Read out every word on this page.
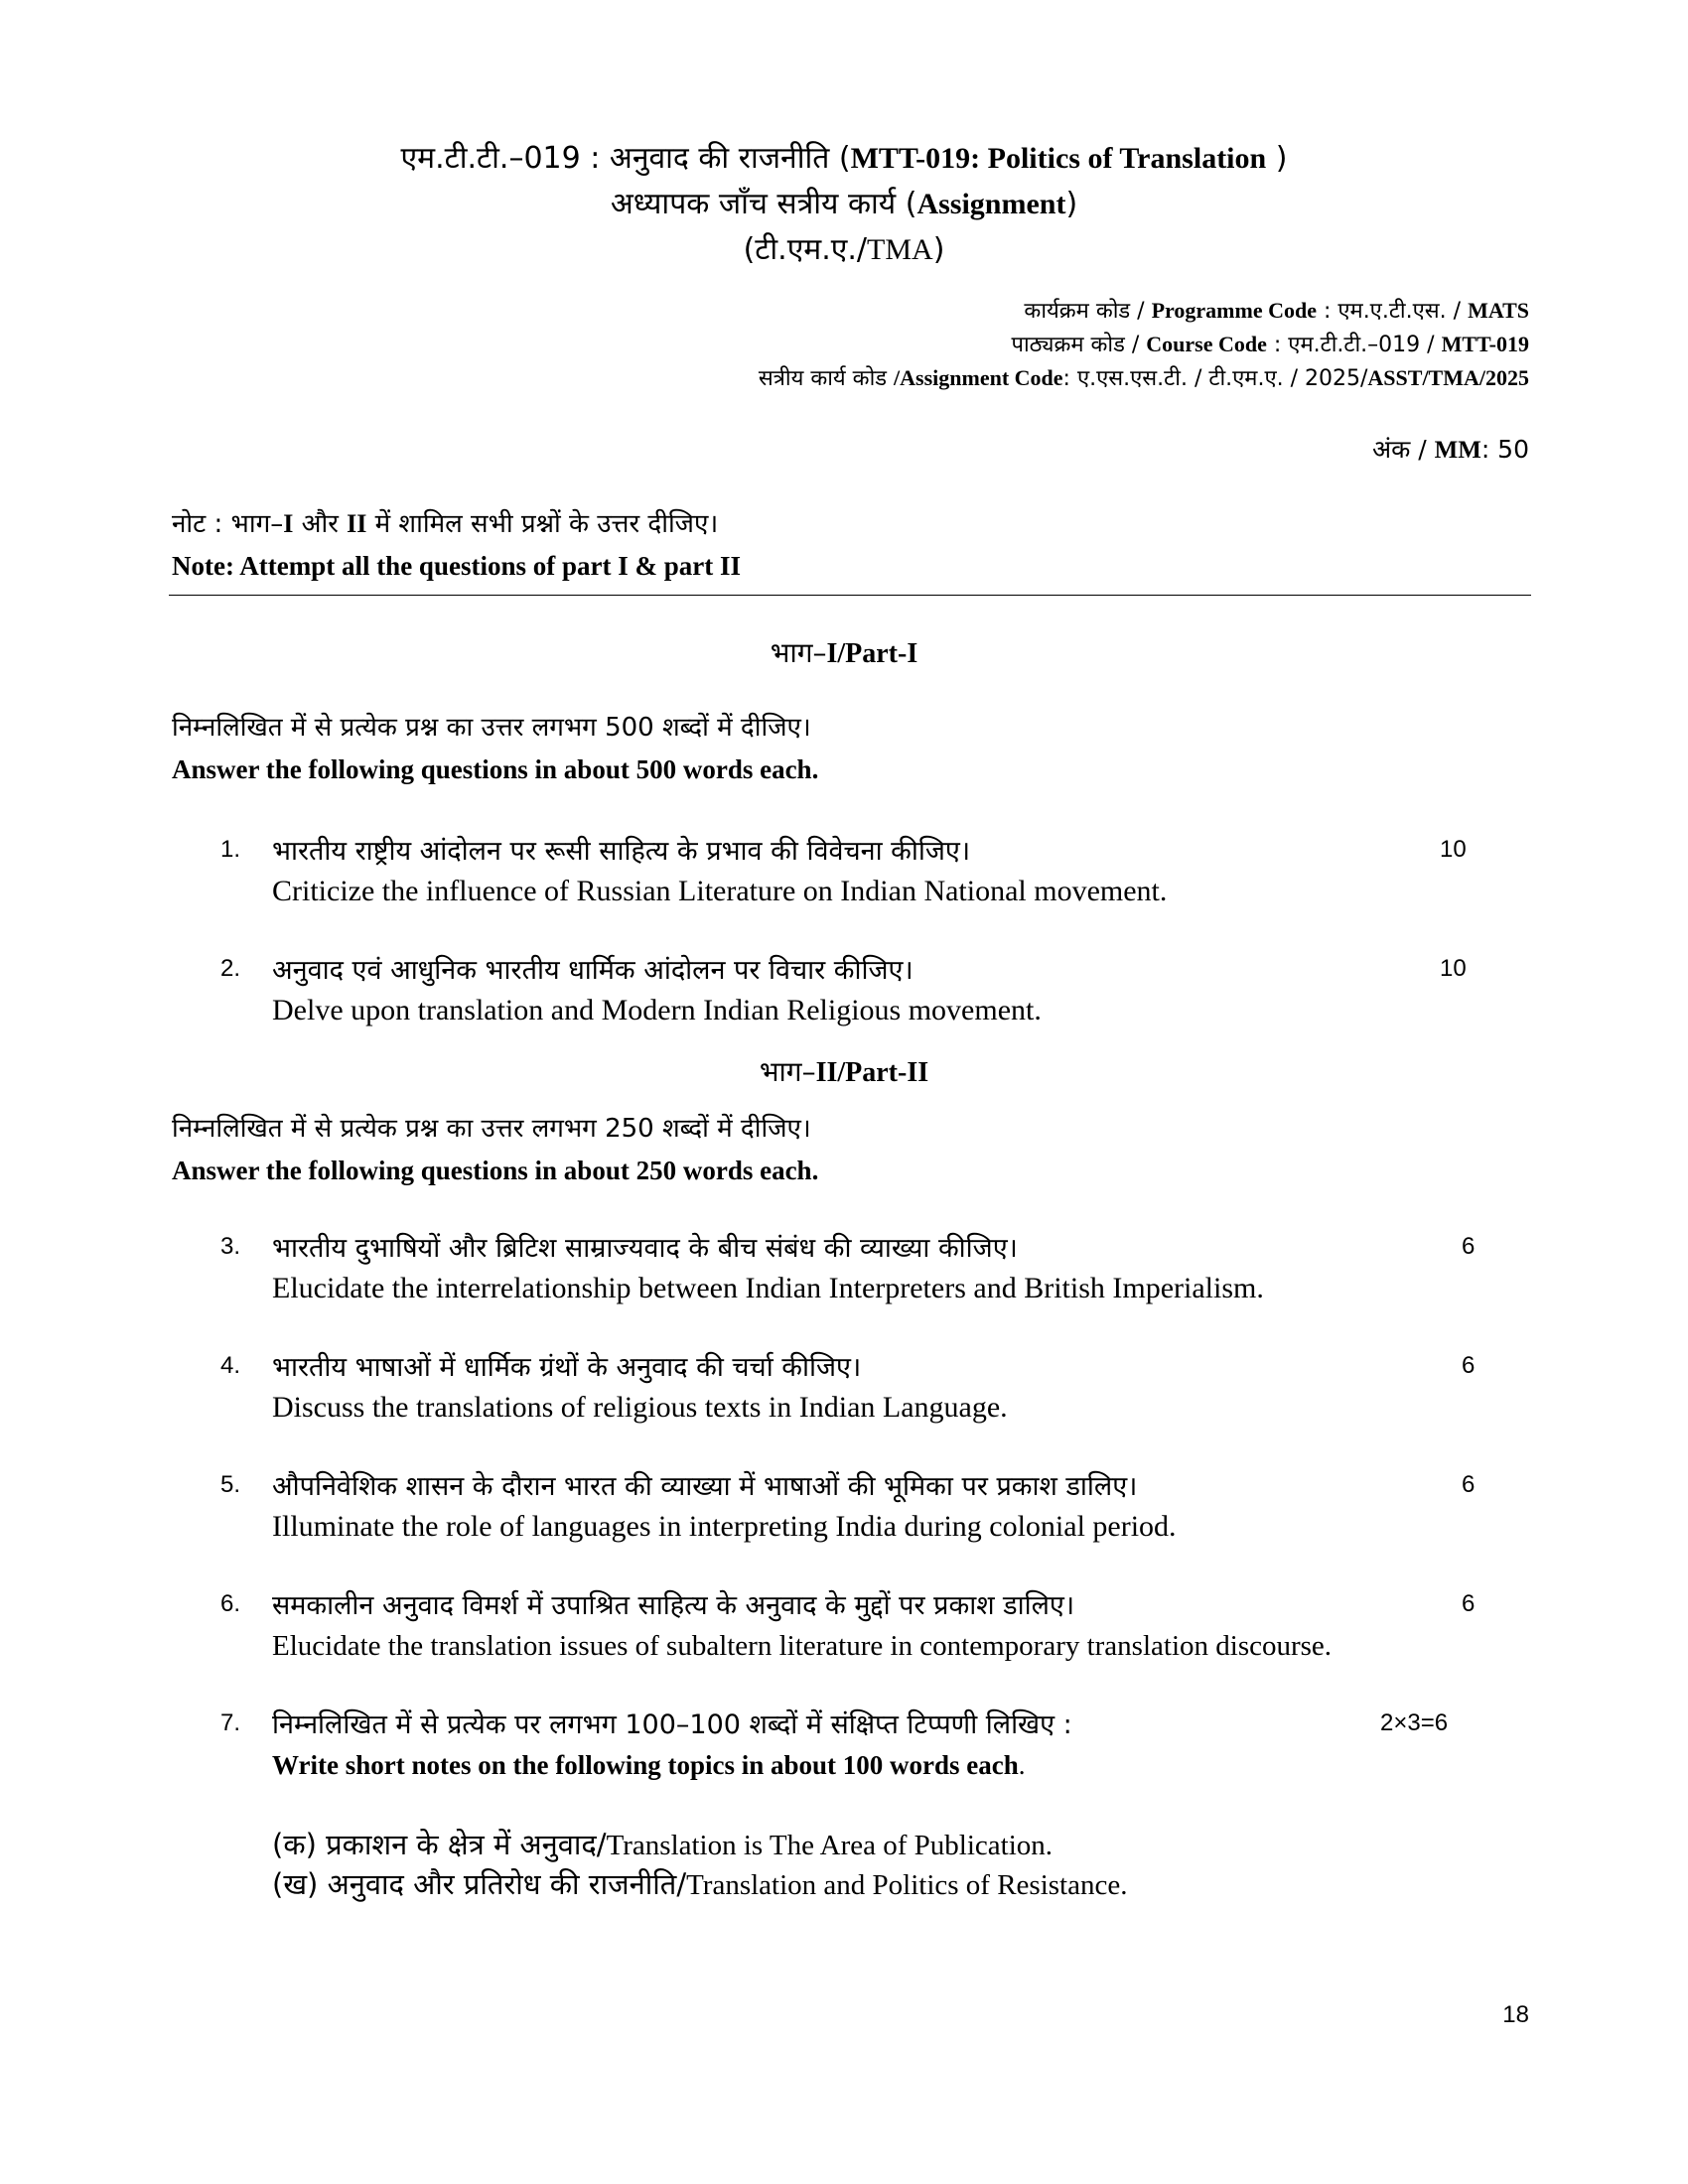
एम.टी.टी.–019 : अनुवाद की राजनीति (MTT-019: Politics of Translation )
अध्यापक जाँच सत्रीय कार्य (Assignment)
(टी.एम.ए./TMA)
कार्यक्रम कोड / Programme Code : एम.ए.टी.एस. / MATS
पाठ्यक्रम कोड / Course Code : एम.टी.टी.–019 / MTT-019
सत्रीय कार्य कोड /Assignment Code: ए.एस.एस.टी. / टी.एम.ए. / 2025/ASST/TMA/2025
अंक / MM: 50
नोट : भाग–I और II में शामिल सभी प्रश्नों के उत्तर दीजिए।
Note: Attempt all the questions of part I & part II
भाग–I/Part-I
निम्नलिखित में से प्रत्येक प्रश्न का उत्तर लगभग 500 शब्दों में दीजिए।
Answer the following questions in about 500 words each.
1. भारतीय राष्ट्रीय आंदोलन पर रूसी साहित्य के प्रभाव की विवेचना कीजिए।
Criticize the influence of Russian Literature on Indian National movement.
10
2. अनुवाद एवं आधुनिक भारतीय धार्मिक आंदोलन पर विचार कीजिए।
Delve upon translation and Modern Indian Religious movement.
10
भाग–II/Part-II
निम्नलिखित में से प्रत्येक प्रश्न का उत्तर लगभग 250 शब्दों में दीजिए।
Answer the following questions in about 250 words each.
3. भारतीय दुभाषियों और ब्रिटिश साम्राज्यवाद के बीच संबंध की व्याख्या कीजिए।
Elucidate the interrelationship between Indian Interpreters and British Imperialism.
6
4. भारतीय भाषाओं में धार्मिक ग्रंथों के अनुवाद की चर्चा कीजिए।
Discuss the translations of religious texts in Indian Language.
6
5. औपनिवेशिक शासन के दौरान भारत की व्याख्या में भाषाओं की भूमिका पर प्रकाश डालिए।
Illuminate the role of languages in interpreting India during colonial period.
6
6. समकालीन अनुवाद विमर्श में उपाश्रित साहित्य के अनुवाद के मुद्दों पर प्रकाश डालिए।
Elucidate the translation issues of subaltern literature in contemporary translation discourse.
6
7. निम्नलिखित में से प्रत्येक पर लगभग 100–100 शब्दों में संक्षिप्त टिप्पणी लिखिए :
Write short notes on the following topics in about 100 words each.
2×3=6
(क) प्रकाशन के क्षेत्र में अनुवाद/Translation is The Area of Publication.
(ख) अनुवाद और प्रतिरोध की राजनीति/Translation and Politics of Resistance.
18
